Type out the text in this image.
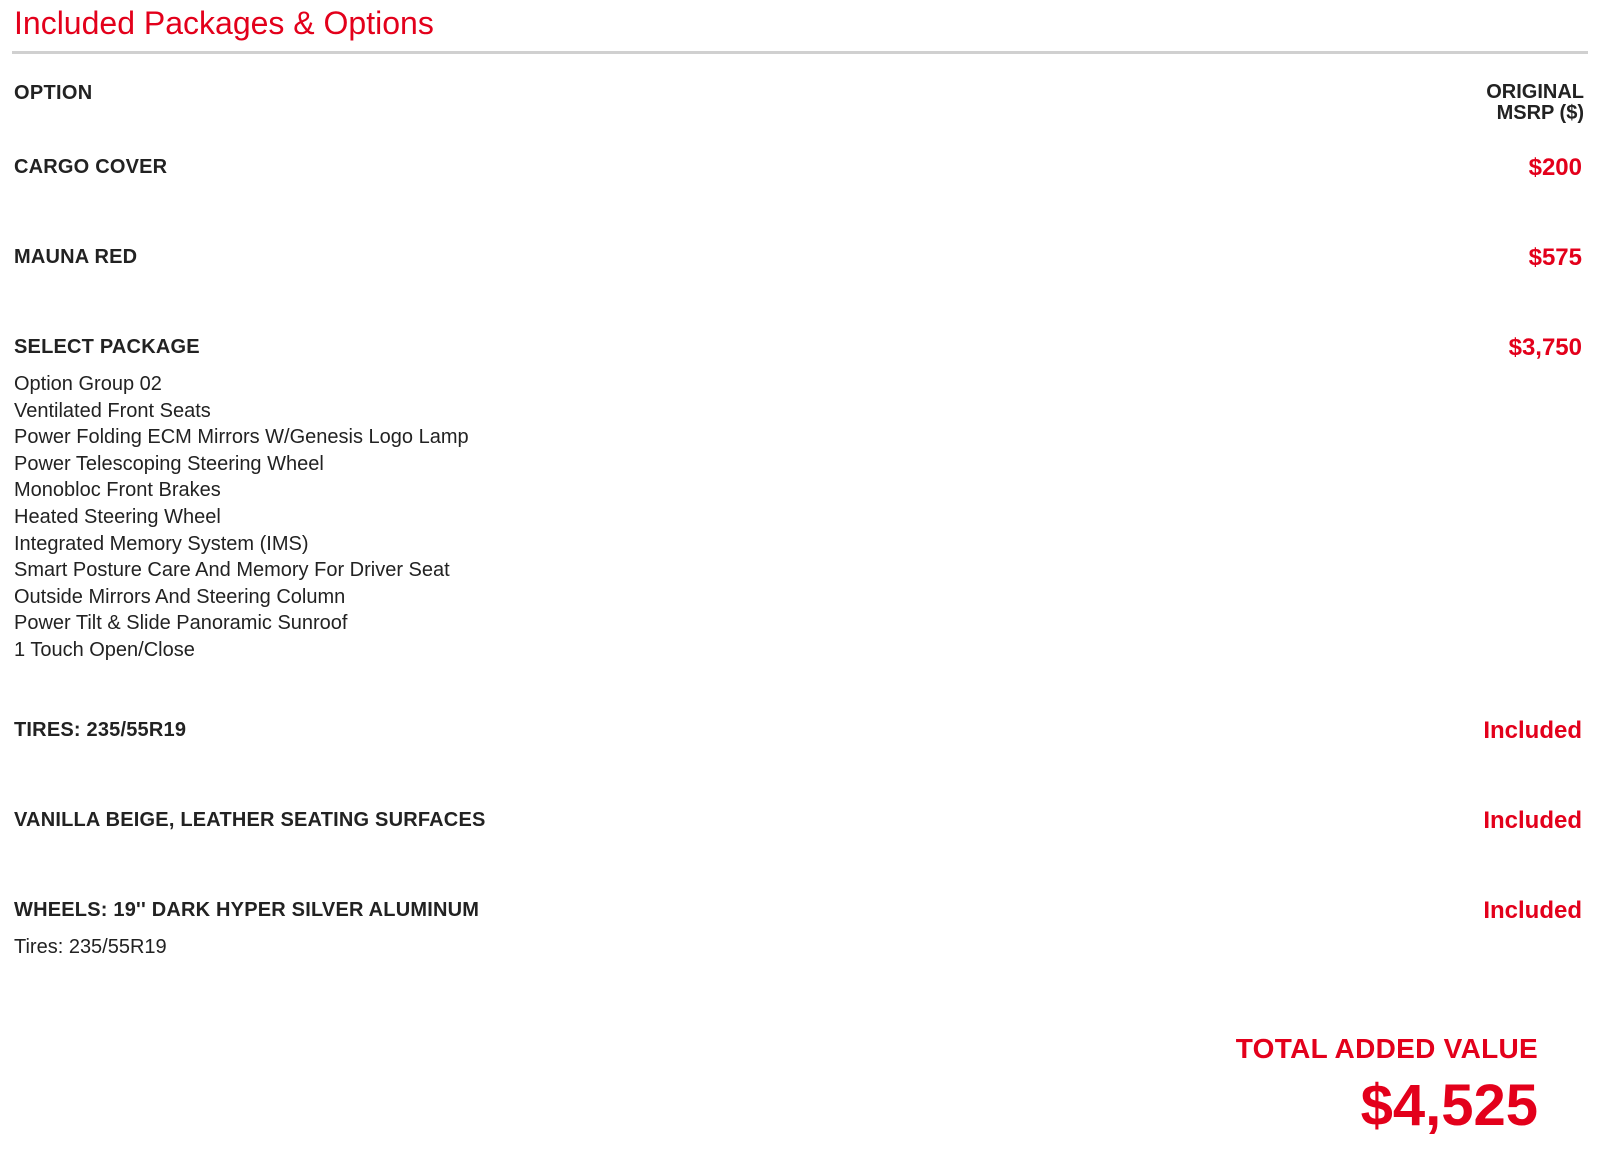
Included Packages & Options
OPTION	ORIGINAL
MSRP ($)
CARGO COVER	$200
MAUNA RED	$575
SELECT PACKAGE	$3,750
Option Group 02
Ventilated Front Seats
Power Folding ECM Mirrors W/Genesis Logo Lamp
Power Telescoping Steering Wheel
Monobloc Front Brakes
Heated Steering Wheel
Integrated Memory System (IMS)
Smart Posture Care And Memory For Driver Seat
Outside Mirrors And Steering Column
Power Tilt & Slide Panoramic Sunroof
1 Touch Open/Close
TIRES: 235/55R19	Included
VANILLA BEIGE, LEATHER SEATING SURFACES	Included
WHEELS: 19'' DARK HYPER SILVER ALUMINUM	Included
Tires: 235/55R19
TOTAL ADDED VALUE
$4,525
